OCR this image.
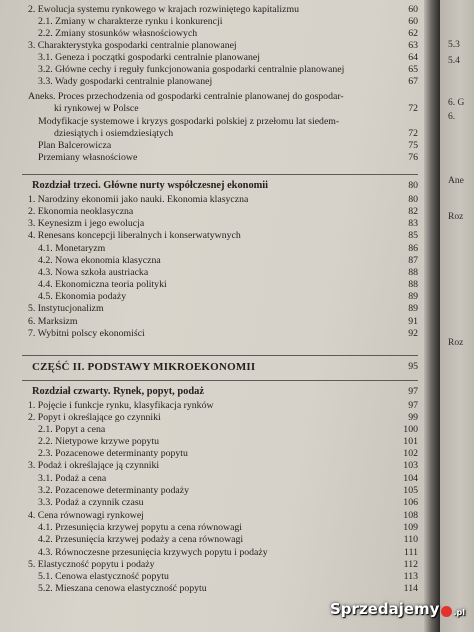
2. Ewolucja systemu rynkowego w krajach rozwiniętego kapitalizmu	60
2.1. Zmiany w charakterze rynku i konkurencji	60
2.2. Zmiany stosunków własnościowych	62
3. Charakterystyka gospodarki centralnie planowanej	63
3.1. Geneza i początki gospodarki centralnie planowanej	64
3.2. Główne cechy i reguły funkcjonowania gospodarki centralnie planowanej	65
3.3. Wady gospodarki centralnie planowanej	67
Aneks. Proces przechodzenia od gospodarki centralnie planowanej do gospodar-
ki rynkowej w Polsce	72
Modyfikacje systemowe i kryzys gospodarki polskiej z przełomu lat siedem-
dziesiątych i osiemdziesiątych	72
Plan Balcerowicza	75
Przemiany własnościowe	76
Rozdział trzeci. Główne nurty współczesnej ekonomii	80
1. Narodziny ekonomii jako nauki. Ekonomia klasyczna	80
2. Ekonomia neoklasyczna	82
3. Keynesizm i jego ewolucja	83
4. Renesans koncepcji liberalnych i konserwatywnych	85
4.1. Monetaryzm	86
4.2. Nowa ekonomia klasyczna	87
4.3. Nowa szkoła austriacka	88
4.4. Ekonomiczna teoria polityki	88
4.5. Ekonomia podaży	89
5. Instytucjonalizm	89
6. Marksizm	91
7. Wybitni polscy ekonomiści	92
CZĘŚĆ II. PODSTAWY MIKROEKONOMII	95
Rozdział czwarty. Rynek, popyt, podaż	97
1. Pojęcie i funkcje rynku, klasyfikacja rynków	97
2. Popyt i określające go czynniki	99
2.1. Popyt a cena	100
2.2. Nietypowe krzywe popytu	101
2.3. Pozacenowe determinanty popytu	102
3. Podaż i określające ją czynniki	103
3.1. Podaż a cena	104
3.2. Pozacenowe determinanty podaży	105
3.3. Podaż a czynnik czasu	106
4. Cena równowagi rynkowej	108
4.1. Przesunięcia krzywej popytu a cena równowagi	109
4.2. Przesunięcia krzywej podaży a cena równowagi	110
4.3. Równoczesne przesunięcia krzywych popytu i podaży	111
5. Elastyczność popytu i podaży	112
5.1. Cenowa elastyczność popytu	113
5.2. Mieszana cenowa elastyczność popytu	114
5.3
5.4
6. G
6.
Ane
Roz
Roz
Sprzedajemy .pl
